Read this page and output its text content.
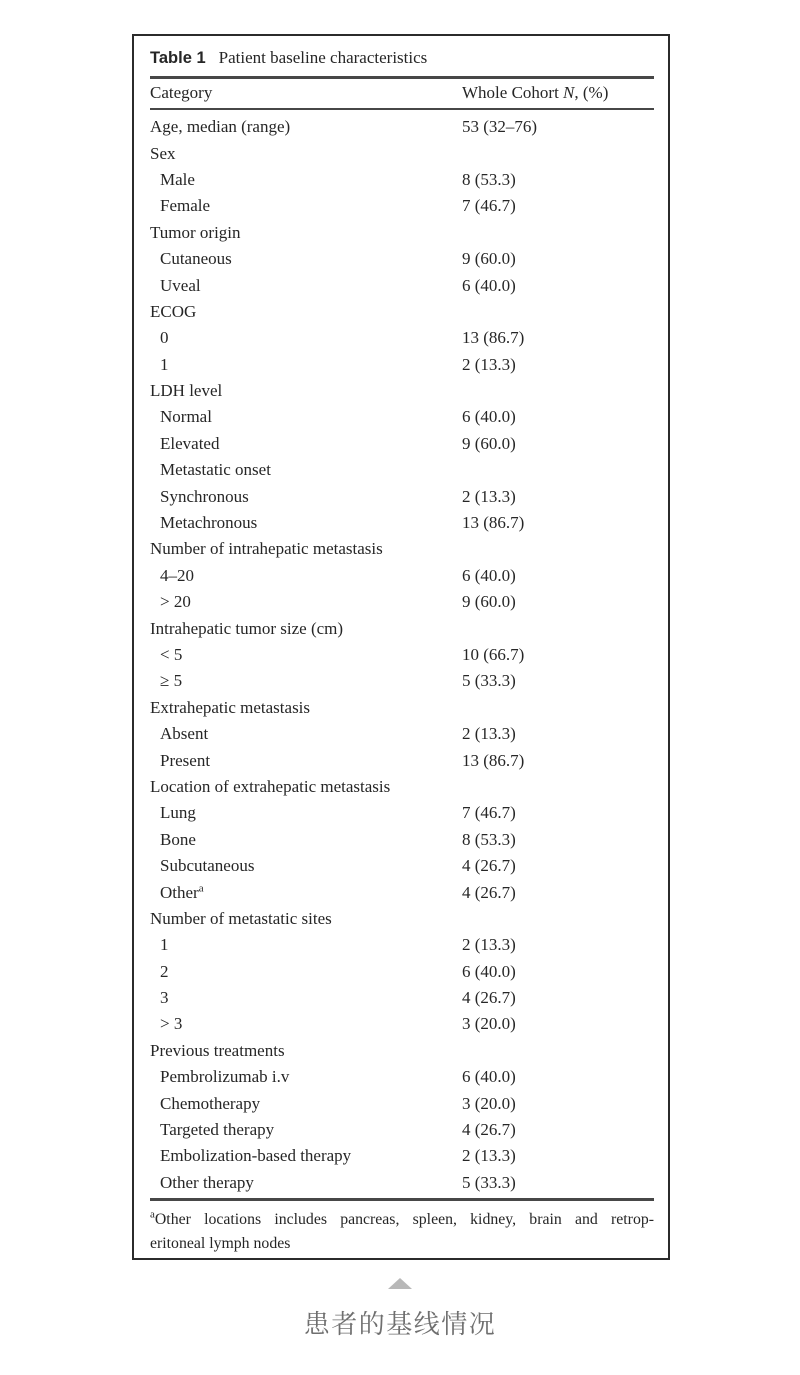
Table 1 Patient baseline characteristics
Category	Whole Cohort N, (%)
Age, median (range)	53 (32–76)
Sex
Male	8 (53.3)
Female	7 (46.7)
Tumor origin
Cutaneous	9 (60.0)
Uveal	6 (40.0)
ECOG
0	13 (86.7)
1	2 (13.3)
LDH level
Normal	6 (40.0)
Elevated	9 (60.0)
Metastatic onset
Synchronous	2 (13.3)
Metachronous	13 (86.7)
Number of intrahepatic metastasis
4–20	6 (40.0)
> 20	9 (60.0)
Intrahepatic tumor size (cm)
< 5	10 (66.7)
≥ 5	5 (33.3)
Extrahepatic metastasis
Absent	2 (13.3)
Present	13 (86.7)
Location of extrahepatic metastasis
Lung	7 (46.7)
Bone	8 (53.3)
Subcutaneous	4 (26.7)
Other$^a$	4 (26.7)
Number of metastatic sites
1	2 (13.3)
2	6 (40.0)
3	4 (26.7)
> 3	3 (20.0)
Previous treatments
Pembrolizumab i.v	6 (40.0)
Chemotherapy	3 (20.0)
Targeted therapy	4 (26.7)
Embolization-based therapy	2 (13.3)
Other therapy	5 (33.3)
$^a$Other locations includes pancreas, spleen, kidney, brain and retrop-
eritoneal lymph nodes
患者的基线情况
